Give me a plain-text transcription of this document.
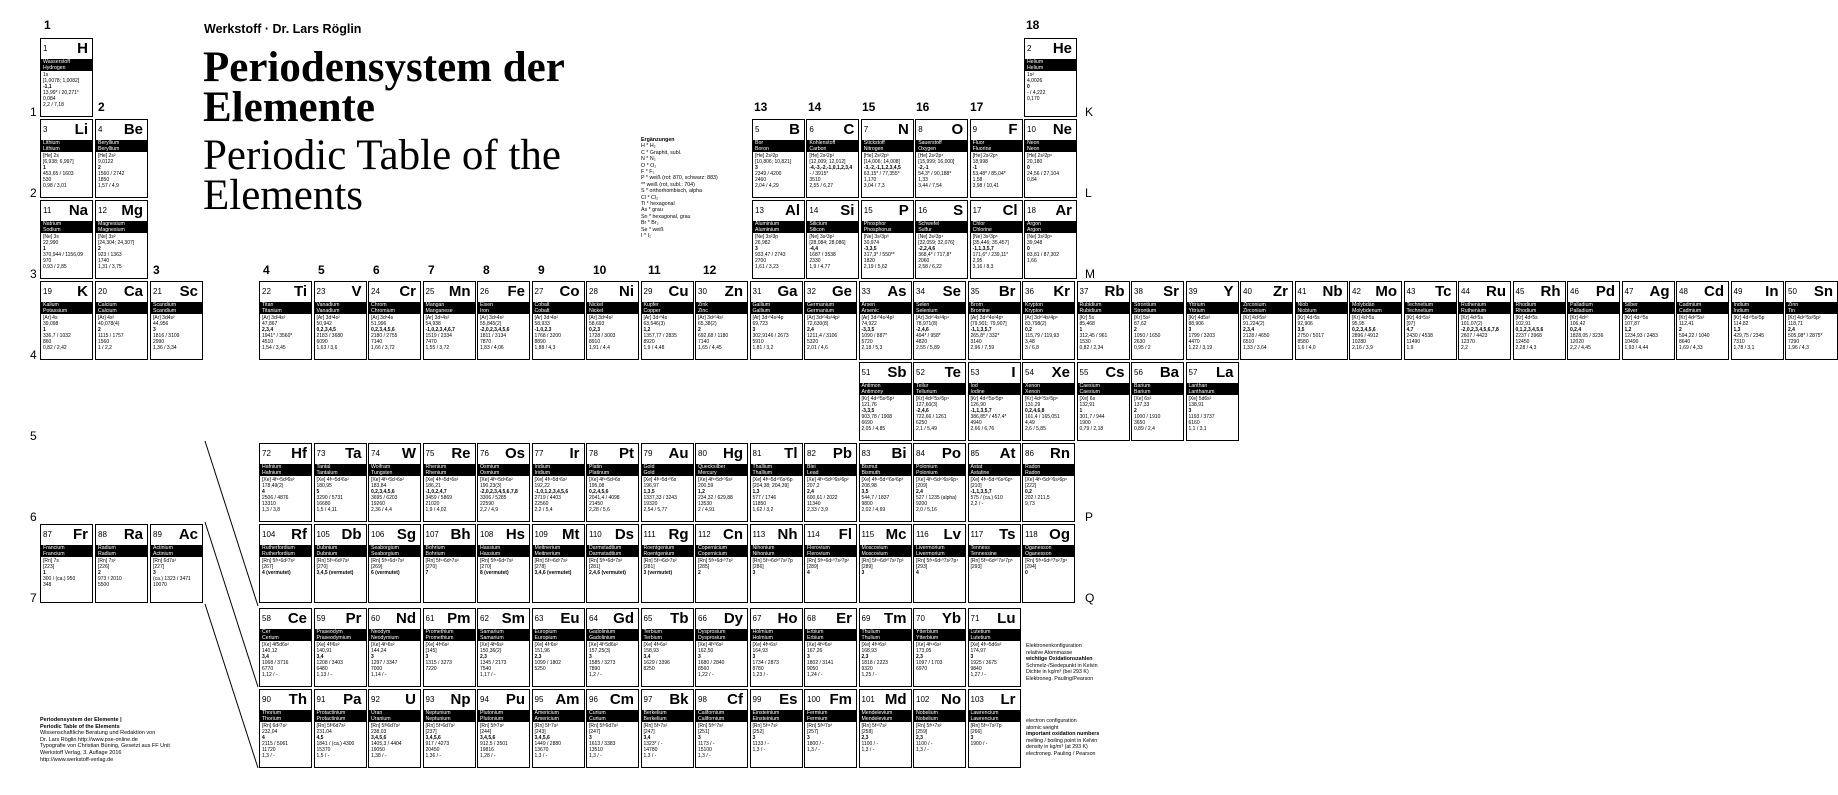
Werkstoff · Dr. Lars Röglin
Periodensystem der Elemente
Periodic Table of the Elements
1	18
2	13	14	15	16	17
3	4	5	6	7	8	9	10	11	12
1
2
3
4
5
6
7
K
L
M
P
Q
Ergänzungen
H * H₂
C * Graphit, subl.
N * N₂
O * O₂
F * F₂
P * weiß (rot: 870, schwarz: 883)
** weiß (rot, subl.: 704)
S * orthorhombisch, alpha
Cl * Cl₂
Ti * hexagonal
As * grau
Sn * hexagonal, grau
Br * Br₂
Se * weiß
I * I₂
1 H
Wasserstoff
Hydrogen
1s
[1,0078; 1,0082]
-1,1
13,99* / 20,271*
0,084
2,2 / 7,18
2 He
Helium
Helium
1s²
4,0026
0
- / 4,222
0,170
3 Li
Lithium
Lithium
[He] 2s
[6,938; 6,997]
1
453,65 / 1603
530
0,98 / 3,01
4 Be
Beryllium
Beryllium
[He] 2s²
9,0122
2
1560 / 2742
1850
1,57 / 4,9
5 B
Bor
Boron
[He] 2s²2p
[10,806; 10,821]
3
2349 / 4200
2460
2,04 / 4,29
6 C
Kohlenstoff
Carbon
[He] 2s²2p²
[12,009; 12,012]
-4,-3,-2,-1,0,1,2,3,4
- / 3915*
3510
2,55 / 6,27
7 N
Stickstoff
Nitrogen
[He] 2s²2p³
[14,006; 14,008]
-3,-2,-1,1,2,3,4,5
63,15* / 77,355*
1,170
3,04 / 7,3
8 O
Sauerstoff
Oxygen
[He] 2s²2p⁴
[15,999; 16,000]
-2,-1
54,3* / 90,188*
1,33
3,44 / 7,54
9 F
Fluor
Fluorine
[He] 2s²2p⁵
18,998
-1
53,48* / 85,04*
1,58
3,98 / 10,41
10 Ne
Neon
Neon
[He] 2s²2p⁶
20,180
0
24,56 / 27,104
0,84
11 Na
Natrium
Sodium
[Ne] 3s
22,990
1
370,944 / 1156,09
970
0,93 / 2,85
12 Mg
Magnesium
Magnesium
[Ne] 3s²
[24,304; 24,307]
2
923 / 1363
1740
1,31 / 3,75
13 Al
Aluminium
Aluminium
[Ne] 3s²3p
26,982
3
933,47 / 2743
2700
1,61 / 3,23
14 Si
Silicium
Silicon
[Ne] 3s²3p²
[28,084; 28,086]
-4,4
1687 / 3538
2330
1,9 / 4,77
15 P
Phosphor
Phosphorus
[Ne] 3s²3p³
30,974
-3,3,5
317,3* / 550**
1820
2,19 / 5,62
16 S
Schwefel
Sulfur
[Ne] 3s²3p⁴
[32,059; 32,076]
-2,2,4,6
368,4* / 717,8*
2060
2,58 / 6,22
17 Cl
Chlor
Chlorine
[Ne] 3s²3p⁵
[35,446; 35,457]
-1,1,3,5,7
171,6* / 239,11*
2,95
3,16 / 8,3
18 Ar
Argon
Argon
[Ne] 3s²3p⁶
39,948
0
83,81 / 87,302
1,66
19 K
Kalium
Potassium
[Ar] 4s
39,098
1
336,7 / 1032
860
0,82 / 2,42
20 Ca
Calcium
Calcium
[Ar] 4s²
40,078(4)
2
1115 / 1757
1560
1 / 2,2
21 Sc
Scandium
Scandium
[Ar] 3d4s²
44,956
3
1816 / 3109
2990
1,36 / 3,34
22 Ti
Titan
Titanium
[Ar] 3d²4s²
47,867
2,3,4
1941* / 3560*
4510
1,54 / 3,45
23 V
Vanadium
Vanadium
[Ar] 3d³4s²
50,942
0,2,3,4,5
2183 / 3680
6090
1,63 / 3,6
24 Cr
Chrom
Chromium
[Ar] 3d⁵4s
51,996
0,2,3,4,5,6
2180 / 2755
7140
1,66 / 3,72
25 Mn
Mangan
Manganese
[Ar] 3d⁵4s²
54,938
-1,0,2,3,4,6,7
1519 / 2334
7470
1,55 / 3,72
26 Fe
Eisen
Iron
[Ar] 3d⁶4s²
55,845(2)
-2,0,2,3,4,5,6
1811 / 3134
7870
1,83 / 4,06
27 Co
Cobalt
Cobalt
[Ar] 3d⁷4s²
58,933
-1,0,2,3
1768 / 3200
8890
1,88 / 4,3
28 Ni
Nickel
Nickel
[Ar] 3d⁸4s²
58,693
0,2,3
1728 / 3003
8910
1,91 / 4,4
29 Cu
Kupfer
Copper
[Ar] 3d¹⁰4s
63,546(3)
1,2
1357,77 / 2835
8920
1,9 / 4,48
30 Zn
Zink
Zinc
[Ar] 3d¹⁰4s²
65,38(2)
2
692,68 / 1180
7140
1,65 / 4,45
31 Ga
Gallium
Gallium
[Ar] 3d¹⁰4s²4p
69,723
3
302,9146 / 2673
5910
1,81 / 3,2
32 Ge
Germanium
Germanium
[Ar] 3d¹⁰4s²4p²
72,630(8)
2,4
1211,4 / 3106
5320
2,01 / 4,6
33 As
Arsen
Arsenic
[Ar] 3d¹⁰4s²4p³
74,922
-3,3,5
1090 / 887*
5720
2,18 / 5,3
34 Se
Selen
Selenium
[Ar] 3d¹⁰4s²4p⁴
78,971(8)
-2,4,6
494* / 958*
4820
2,55 / 5,89
35 Br
Brom
Bromine
[Ar] 3d¹⁰4s²4p⁵
[79,901; 79,907]
-1,1,3,5,7
265,8* / 332*
3140
2,96 / 7,59
36 Kr
Krypton
Krypton
[Ar] 3d¹⁰4s²4p⁶
83,798(2)
0,2
115,79 / 119,93
3,48
3 / 6,8
37 Rb
Rubidium
Rubidium
[Kr] 5s
85,468
1
312,45 / 961
1530
0,82 / 2,34
38 Sr
Strontium
Strontium
[Kr] 5s²
87,62
2
1050 / 1650
2630
0,95 / 2
39 Y
Yttrium
Yttrium
[Kr] 4d5s²
88,906
3
1799 / 3203
4470
1,22 / 3,19
40 Zr
Zirconium
Zirconium
[Kr] 4d²5s²
91,224(2)
2,3,4
2128 / 4650
6510
1,33 / 3,64
41 Nb
Niob
Niobium
[Kr] 4d⁴5s
92,906
3,5
2750 / 5017
8580
1,6 / 4,0
42 Mo
Molybdän
Molybdenum
[Kr] 4d⁵5s
95,95
0,2,3,4,5,6
2896 / 4912
10280
2,16 / 3,9
43 Tc
Technetium
Technetium
[Kr] 4d⁵5s²
[97]
4,7
2430 / 4538
11490
1,9
44 Ru
Ruthenium
Ruthenium
[Kr] 4d⁷5s
101,07(2)
-2,0,2,3,4,5,6,7,8
2607 / 4423
12370
2,2
45 Rh
Rhodium
Rhodium
[Kr] 4d⁸5s
102,91
0,1,2,3,4,5,6
2237 / 3968
12450
2,28 / 4,3
46 Pd
Palladium
Palladium
[Kr] 4d¹⁰
106,42
0,2,4
1828,05 / 3236
12020
2,2 / 4,45
47 Ag
Silber
Silver
[Kr] 4d¹⁰5s
107,87
1,2
1234,93 / 2483
10490
1,93 / 4,44
48 Cd
Cadmium
Cadmium
[Kr] 4d¹⁰5s²
112,41
2
594,22 / 1040
8640
1,69 / 4,33
49 In
Indium
Indium
[Kr] 4d¹⁰5s²5p
114,82
1,3
429,75 / 2345
7310
1,78 / 3,1
50 Sn
Zinn
Tin
[Kr] 4d¹⁰5s²5p²
118,71
2,4
505,08* / 2875*
7290
1,96 / 4,3
51 Sb
Antimon
Antimony
[Kr] 4d¹⁰5s²5p³
121,76
-3,3,5
903,78 / 1908
6690
2,05 / 4,85
52 Te
Tellur
Tellurium
[Kr] 4d¹⁰5s²5p⁴
127,60(3)
-2,4,6
722,66 / 1261
6250
2,1 / 5,49
53 I
Iod
Iodine
[Kr] 4d¹⁰5s²5p⁵
126,90
-1,1,3,5,7
386,85* / 457,4*
4940
2,66 / 6,76
54 Xe
Xenon
Xenon
[Kr] 4d¹⁰5s²5p⁶
131,29
0,2,4,6,8
161,4 / 165,051
4,49
2,6 / 5,85
55 Cs
Caesium
Caesium
[Xe] 6s
132,91
1
301,7 / 944
1900
0,79 / 2,18
56 Ba
Barium
Barium
[Xe] 6s²
137,33
2
1000 / 1910
3650
0,89 / 2,4
57 La
Lanthan
Lanthanum
[Xe] 5d6s²
138,91
3
1193 / 3737
6160
1,1 / 3,1
72 Hf
Hafnium
Hafnium
[Xe] 4f¹⁴5d²6s²
178,49(2)
4
2506 / 4876
13310
1,3 / 3,8
73 Ta
Tantal
Tantalum
[Xe] 4f¹⁴5d³6s²
180,95
5
3290 / 5731
16680
1,5 / 4,11
74 W
Wolfram
Tungsten
[Xe] 4f¹⁴5d⁴6s²
183,84
0,2,3,4,5,6
3695 / 6203
19260
2,36 / 4,4
75 Re
Rhenium
Rhenium
[Xe] 4f¹⁴5d⁵6s²
186,21
-1,0,2,4,7
3459 / 5869
21020
1,9 / 4,02
76 Os
Osmium
Osmium
[Xe] 4f¹⁴5d⁶6s²
190,23(3)
-2,0,2,3,4,5,6,7,8
3306 / 5285
22590
2,2 / 4,9
77 Ir
Iridium
Iridium
[Xe] 4f¹⁴5d⁷6s²
192,22
-1,0,1,2,3,4,5,6
2719 / 4403
22560
2,2 / 5,4
78 Pt
Platin
Platinum
[Xe] 4f¹⁴5d⁹6s
195,08
0,2,4,5,6
2041,4 / 4098
21450
2,28 / 5,6
79 Au
Gold
Gold
[Xe] 4f¹⁴5d¹⁰6s
196,97
1,3,5
1337,33 / 3243
19320
2,54 / 5,77
80 Hg
Quecksilber
Mercury
[Xe] 4f¹⁴5d¹⁰6s²
200,59
1,2
234,32 / 629,88
13530
2 / 4,91
81 Tl
Thallium
Thallium
[Xe] 4f¹⁴5d¹⁰6s²6p
[204,38; 204,39]
1,3
577 / 1746
11850
1,62 / 3,2
82 Pb
Blei
Lead
[Xe] 4f¹⁴5d¹⁰6s²6p²
207,2
2,4
600,61 / 2022
11340
2,33 / 3,9
83 Bi
Bismut
Bismuth
[Xe] 4f¹⁴5d¹⁰6s²6p³
208,98
3,5
544,7 / 1837
9800
2,02 / 4,69
84 Po
Polonium
Polonium
[Xe] 4f¹⁴5d¹⁰6s²6p⁴
[209]
2,4
527 / 1235 (alpha)
9200
2,0 / 5,16
85 At
Astat
Astatine
[Xe] 4f¹⁴5d¹⁰6s²6p⁵
[210]
-1,1,3,5,7
575 / (ca.) 610
2,2 / -
86 Rn
Radon
Radon
[Xe] 4f¹⁴5d¹⁰6s²6p⁶
[222]
0,2
202 / 211,5
9,73
87 Fr
Francium
Francium
[Rn] 7s
[223]
1
300 / (ca.) 950
348
88 Ra
Radium
Radium
[Rn] 7s²
[226]
2
973 / 2010
5500
89 Ac
Actinium
Actinium
[Rn] 6d7s²
[227]
3
(ca.) 1323 / 3471
10070
104 Rf
Rutherfordium
Rutherfordium
[Rn] 5f¹⁴6d²7s²
[267]
4 (vermutet)
105 Db
Dubnium
Dubnium
[Rn] 5f¹⁴6d³7s²
[270]
3,4,5 (vermutet)
106 Sg
Seaborgium
Seaborgium
[Rn] 5f¹⁴6d⁴7s²
[269]
6 (vermutet)
107 Bh
Bohrium
Bohrium
[Rn] 5f¹⁴6d⁵7s²
[270]
7
108 Hs
Hassium
Hassium
[Rn] 5f¹⁴6d⁶7s²
[270]
8 (vermutet)
109 Mt
Meitnerium
Meitnerium
[Rn] 5f¹⁴6d⁷7s²
[278]
3,4,6 (vermutet)
110 Ds
Darmstadtium
Darmstadtium
[Rn] 5f¹⁴6d⁸7s²
[281]
2,4,6 (vermutet)
111 Rg
Roentgenium
Roentgenium
[Rn] 5f¹⁴6d⁹7s²
[281]
3 (vermutet)
112 Cn
Copernicium
Copernicium
[Rn] 5f¹⁴6d¹⁰7s²
[285]
2
113 Nh
Nihonium
Nihonium
[Rn] 5f¹⁴6d¹⁰7s²7p
[286]
3
114 Fl
Flerovium
Flerovium
[Rn] 5f¹⁴6d¹⁰7s²7p²
[289]
4
115 Mc
Moscovium
Moscovium
[Rn] 5f¹⁴6d¹⁰7s²7p³
[289]
3
116 Lv
Livermorium
Livermorium
[Rn] 5f¹⁴6d¹⁰7s²7p⁴
[293]
4
117 Ts
Tenness
Tennessine
[Rn] 5f¹⁴6d¹⁰7s²7p⁵
[293]
118 Og
Oganesson
Oganesson
[Rn] 5f¹⁴6d¹⁰7s²7p⁶
[294]
0
58 Ce
Cer
Cerium
[Xe] 4f5d6s²
140,12
3,4
1068 / 3716
6770
1,12 / -
59 Pr
Praseodym
Praseodymium
[Xe] 4f³6s²
140,91
3,4
1208 / 3403
6480
1,13 / -
60 Nd
Neodym
Neodymium
[Xe] 4f⁴6s²
144,24
3
1297 / 3347
7000
1,14 / -
61 Pm
Promethium
Promethium
[Xe] 4f⁵6s²
[145]
3
1315 / 3273
7220
62 Sm
Samarium
Samarium
[Xe] 4f⁶6s²
150,36(2)
2,3
1345 / 2173
7540
1,17 / -
63 Eu
Europium
Europium
[Xe] 4f⁷6s²
151,96
2,3
1099 / 1802
5250
64 Gd
Gadolinium
Gadolinium
[Xe] 4f⁷5d6s²
157,25(3)
3
1585 / 3273
7890
1,2 / -
65 Tb
Terbium
Terbium
[Xe] 4f⁹6s²
158,93
3,4
1629 / 3396
8250
66 Dy
Dysprosium
Dysprosium
[Xe] 4f¹⁰6s²
162,50
3
1680 / 2840
8560
1,22 / -
67 Ho
Holmium
Holmium
[Xe] 4f¹¹6s²
164,93
3
1734 / 2873
8780
1,23 / -
68 Er
Erbium
Erbium
[Xe] 4f¹²6s²
167,26
3
1802 / 3141
9050
1,24 / -
69 Tm
Thulium
Thulium
[Xe] 4f¹³6s²
168,93
2,3
1818 / 2223
9320
1,25 / -
70 Yb
Ytterbium
Ytterbium
[Xe] 4f¹⁴6s²
173,05
2,3
1097 / 1703
6970
71 Lu
Lutetium
Lutetium
[Xe] 4f¹⁴5d6s²
174,97
3
1925 / 3675
9840
1,27 / -
90 Th
Thorium
Thorium
[Rn] 6d²7s²
232,04
4
2115 / 5061
11720
1,3 / -
91 Pa
Protactinium
Protactinium
[Rn] 5f²6d7s²
231,04
4,5
1841 / (ca.) 4300
15370
1,5 / -
92 U
Uran
Uranium
[Rn] 5f³6d7s²
238,03
3,4,5,6
1405,3 / 4404
19050
1,38 / -
93 Np
Neptunium
Neptunium
[Rn] 5f⁴6d7s²
[237]
3,4,5,6
917 / 4273
20450
1,36 / -
94 Pu
Plutonium
Plutonium
[Rn] 5f⁶7s²
[244]
3,4,5,6
912,5 / 3501
19816
1,28 / -
95 Am
Americium
Americium
[Rn] 5f⁷7s²
[243]
3,4,5,6
1449 / 2880
13670
1,3 / -
96 Cm
Curium
Curium
[Rn] 5f⁷6d7s²
[247]
3
1613 / 3383
13510
1,3 / -
97 Bk
Berkelium
Berkelium
[Rn] 5f⁹7s²
[247]
3,4
1323* / -
14780
1,3 / -
98 Cf
Californium
Californium
[Rn] 5f¹⁰7s²
[251]
3
1173 / -
15100
1,3 / -
99 Es
Einsteinium
Einsteinium
[Rn] 5f¹¹7s²
[252]
3
1133 / -
1,3 / -
100 Fm
Fermium
Fermium
[Rn] 5f¹²7s²
[257]
3
1800 / -
1,3 / -
101 Md
Mendelevium
Mendelevium
[Rn] 5f¹³7s²
[258]
2,3
1100 / -
1,3 / -
102 No
Nobelium
Nobelium
[Rn] 5f¹⁴7s²
[259]
2,3
1100 / -
1,3 / -
103 Lr
Lawrencium
Lawrencium
[Rn] 5f¹⁴7s²7p
[266]
3
1900 / -
Elektronenkonfiguration
relative Atommasse
wichtige Oxidationszahlen
Schmelz-/Siedepunkt in Kelvin
Dichte in kg/m³ (bei 293 K)
Elektroneg. Pauling/Pearson
electron configuration
atomic weight
important oxidation numbers
melting / boiling point in Kelvin
density in kg/m³ (at 293 K)
electroneg. Pauling / Pearson
Periodensystem der Elemente |
Periodic Table of the Elements
Wissenschaftliche Beratung und Redaktion von
Dr. Lars Röglin http://www.pse-online.de
Typografie von Christian Büning, Gesetzt aus FF Unit
Werkstoff Verlag, 3. Auflage 2016
http://www.werkstoff-verlag.de
